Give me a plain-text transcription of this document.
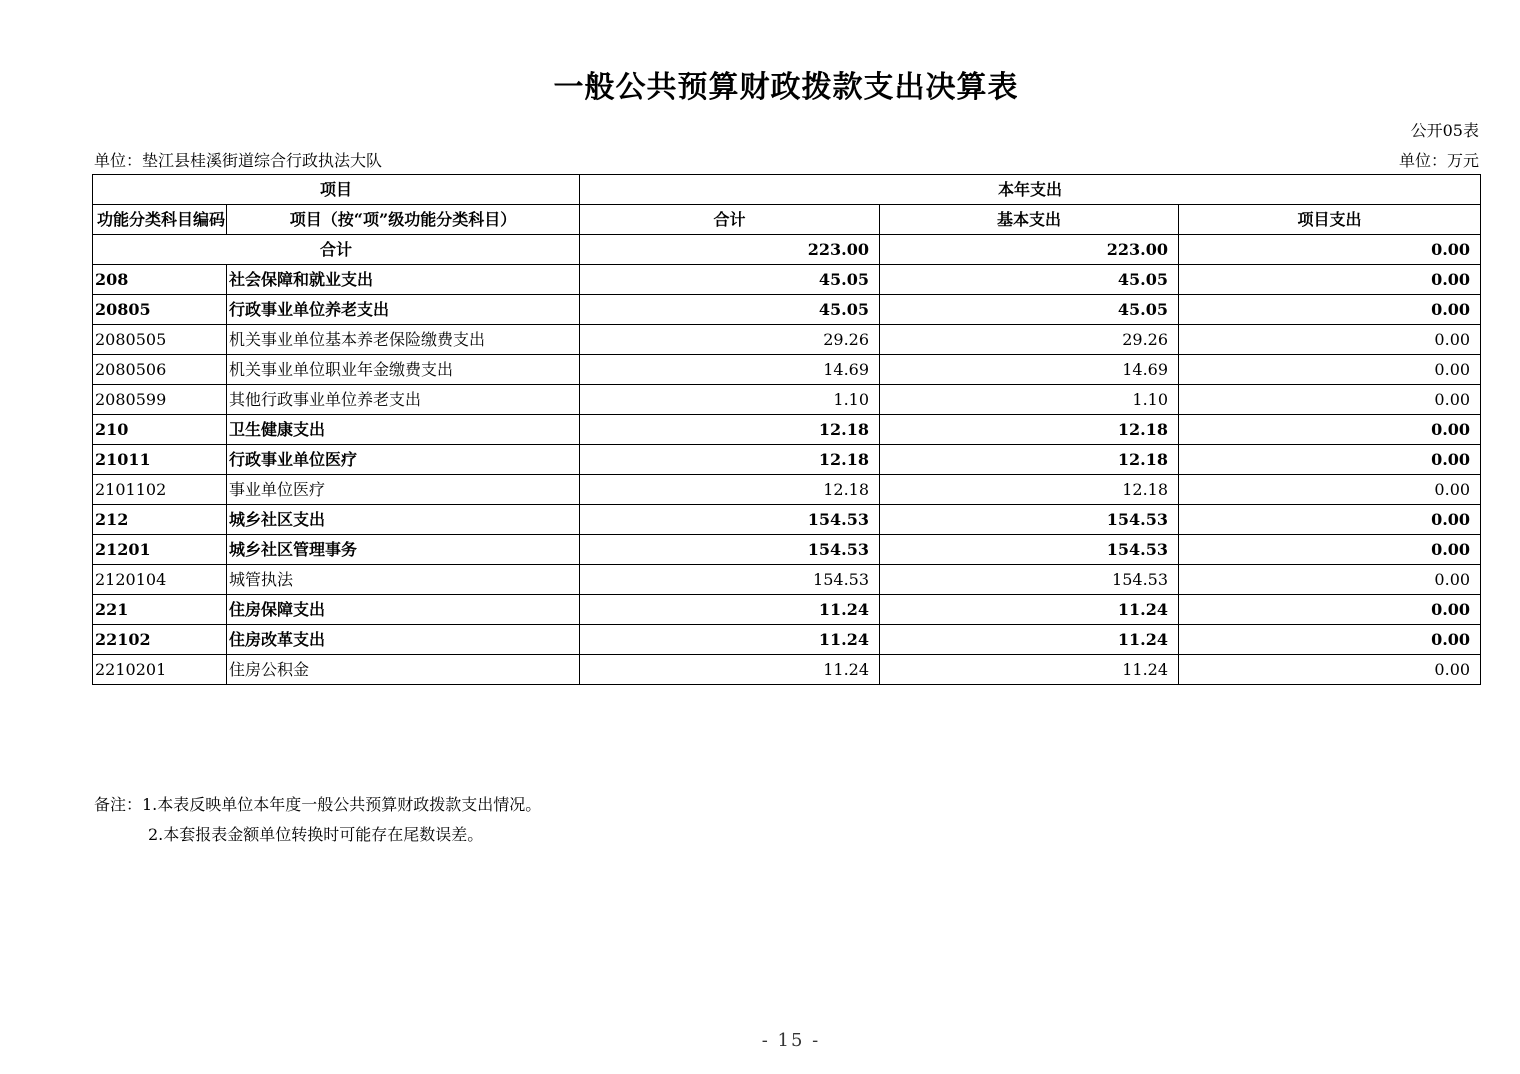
一般公共预算财政拨款支出决算表
公开05表
单位：垫江县桂溪街道综合行政执法大队	单位：万元
项目		本年支出		
功能分类科目编码	项目（按“项”级功能分类科目）	合计	基本支出	项目支出
合计		223.00	223.00	0.00
208	社会保障和就业支出	45.05	45.05	0.00
20805	行政事业单位养老支出	45.05	45.05	0.00
2080505	机关事业单位基本养老保险缴费支出	29.26	29.26	0.00
2080506	机关事业单位职业年金缴费支出	14.69	14.69	0.00
2080599	其他行政事业单位养老支出	1.10	1.10	0.00
210	卫生健康支出	12.18	12.18	0.00
21011	行政事业单位医疗	12.18	12.18	0.00
2101102	事业单位医疗	12.18	12.18	0.00
212	城乡社区支出	154.53	154.53	0.00
21201	城乡社区管理事务	154.53	154.53	0.00
2120104	城管执法	154.53	154.53	0.00
221	住房保障支出	11.24	11.24	0.00
22102	住房改革支出	11.24	11.24	0.00
2210201	住房公积金	11.24	11.24	0.00
备注：1.本表反映单位本年度一般公共预算财政拨款支出情况。
2.本套报表金额单位转换时可能存在尾数误差。
- 15 -
